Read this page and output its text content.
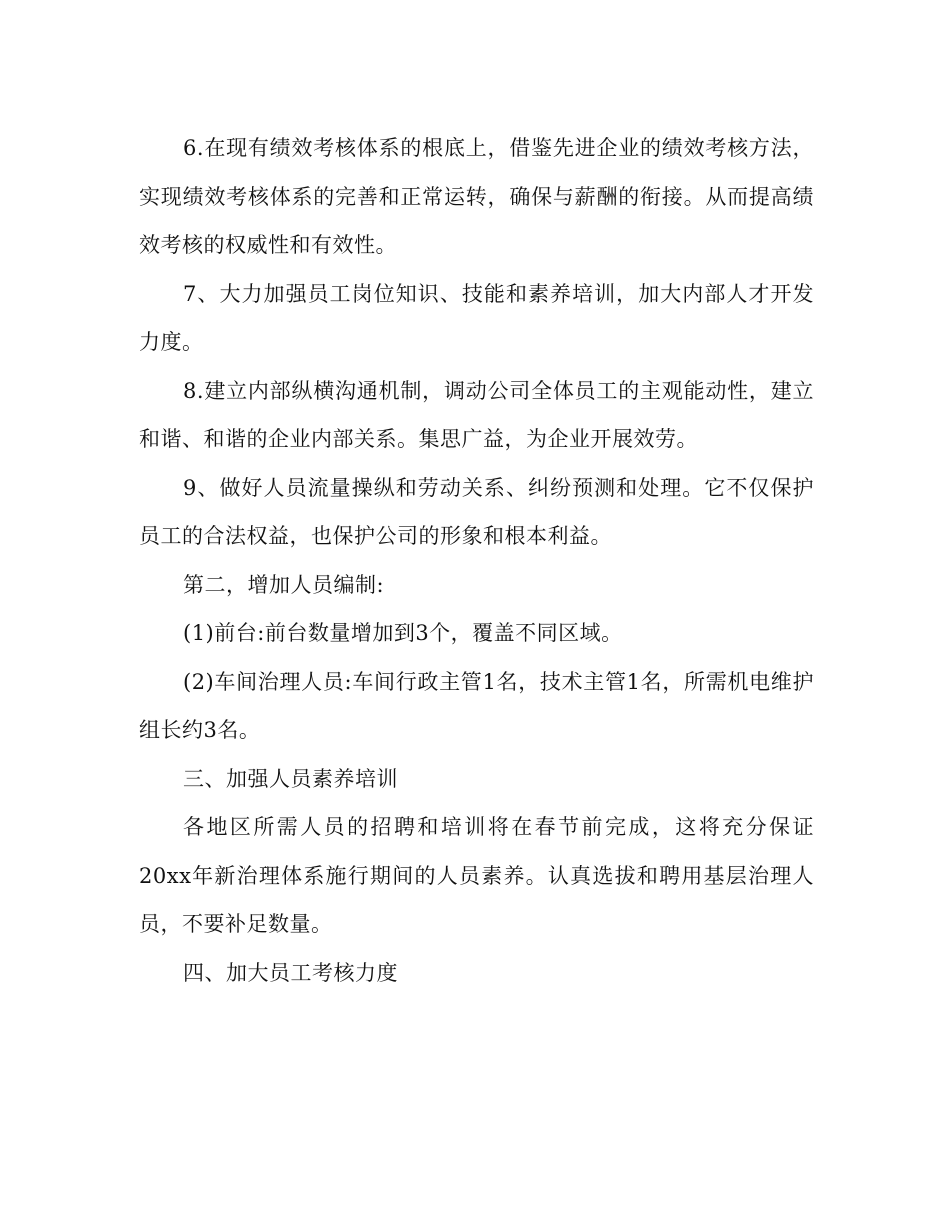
6.在现有绩效考核体系的根底上，借鉴先进企业的绩效考核方法，实现绩效考核体系的完善和正常运转，确保与薪酬的衔接。从而提高绩效考核的权威性和有效性。

7、大力加强员工岗位知识、技能和素养培训，加大内部人才开发力度。

8.建立内部纵横沟通机制，调动公司全体员工的主观能动性，建立和谐、和谐的企业内部关系。集思广益，为企业开展效劳。

9、做好人员流量操纵和劳动关系、纠纷预测和处理。它不仅保护员工的合法权益，也保护公司的形象和根本利益。

第二，增加人员编制:

(1)前台:前台数量增加到3个，覆盖不同区域。

(2)车间治理人员:车间行政主管1名，技术主管1名，所需机电维护组长约3名。

三、加强人员素养培训

各地区所需人员的招聘和培训将在春节前完成，这将充分保证20xx年新治理体系施行期间的人员素养。认真选拔和聘用基层治理人员，不要补足数量。

四、加大员工考核力度
